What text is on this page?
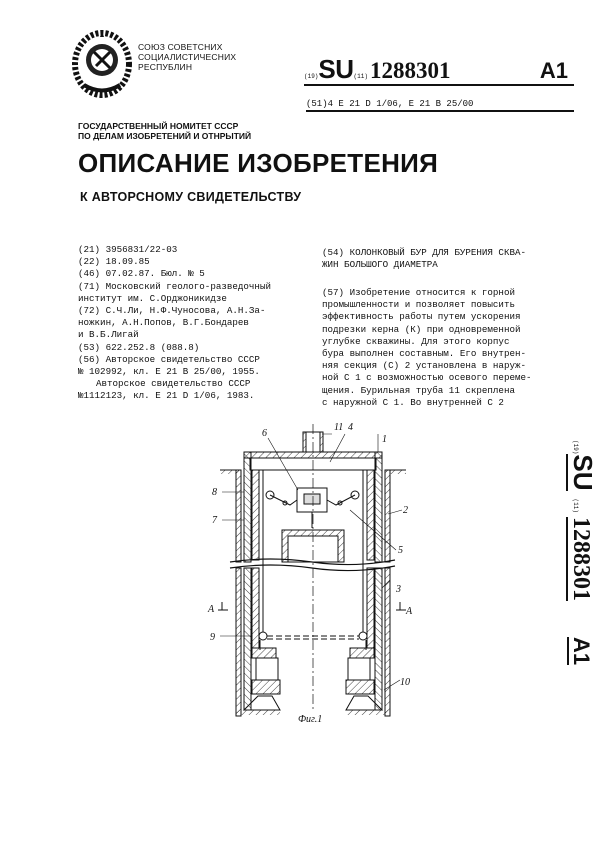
СОЮЗ СОВЕТСНИХ
СОЦИАЛИСТИЧЕСНИХ
РЕСПУБЛИН
(19)SU(11)1288301	A1
(51)4 E 21 D 1/06, E 21 B 25/00
ГОСУДАРСТВЕННЫЙ НОМИТЕТ СССР
ПО ДЕЛАМ ИЗОБРЕТЕНИЙ И ОТНРЫТИЙ
ОПИСАНИЕ ИЗОБРЕТЕНИЯ
К АВТОРСНОМУ СВИДЕТЕЛЬСТВУ
(21) 3956831/22-03
(22) 18.09.85
(46) 07.02.87. Бюл. № 5
(71) Московский геолого-разведочный
институт им. С.Орджоникидзе
(72) С.Ч.Ли, Н.Ф.Чуносова, А.Н.За-
ножкин, А.Н.Попов, В.Г.Бондарев
и В.Б.Лигай
(53) 622.252.8 (088.8)
(56) Авторское свидетельство СССР
№ 102992, кл. E 21 B 25/00, 1955.
Авторское свидетельство СССР
№1112123, кл. E 21 D 1/06, 1983.
(54) КОЛОНКОВЫЙ БУР ДЛЯ БУРЕНИЯ СКВА-
ЖИН БОЛЬШОГО ДИАМЕТРА
(57) Изобретение относится к горной
промышленности и позволяет повысить
эффективность работы путем ускорения
подрезки керна (К) при одновременной
углубке скважины. Для этого корпус
бура выполнен составным. Его внутрен-
няя секция (С) 2 установлена в наруж-
ной С 1 с возможностью осевого переме-
щения. Бурильная труба 11 скреплена
с наружной С 1. Во внутренней С 2
6
11 4
1
8
7
2
5
3
A	A
9
10
Фиг.1
(19)SU(11)1288301A1
